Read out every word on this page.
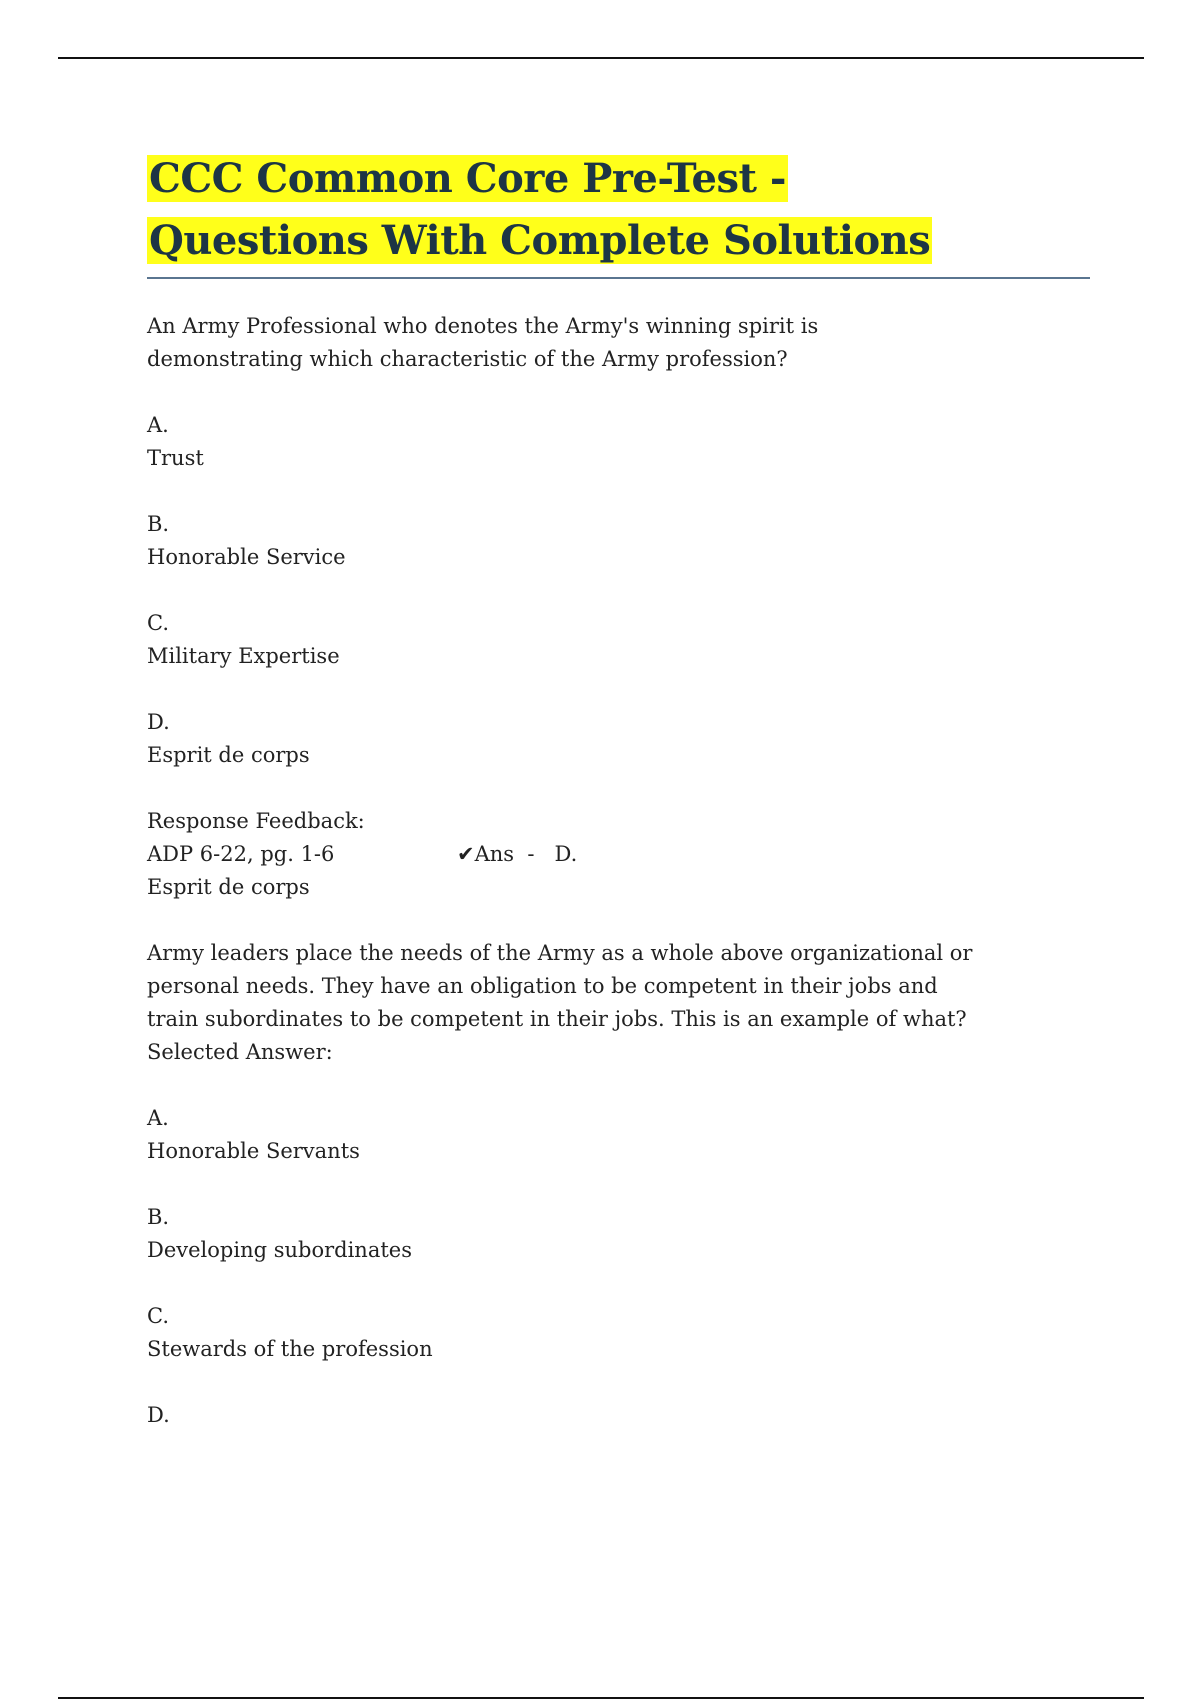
CCC Common Core Pre-Test -
Questions With Complete Solutions

An Army Professional who denotes the Army's winning spirit is
demonstrating which characteristic of the Army profession?

A.
Trust

B.
Honorable Service

C.
Military Expertise

D.
Esprit de corps

Response Feedback:
ADP 6-22, pg. 1-6	✔Ans  -   D.
Esprit de corps

Army leaders place the needs of the Army as a whole above organizational or
personal needs. They have an obligation to be competent in their jobs and
train subordinates to be competent in their jobs. This is an example of what?
Selected Answer:

A.
Honorable Servants

B.
Developing subordinates

C.
Stewards of the profession

D.
